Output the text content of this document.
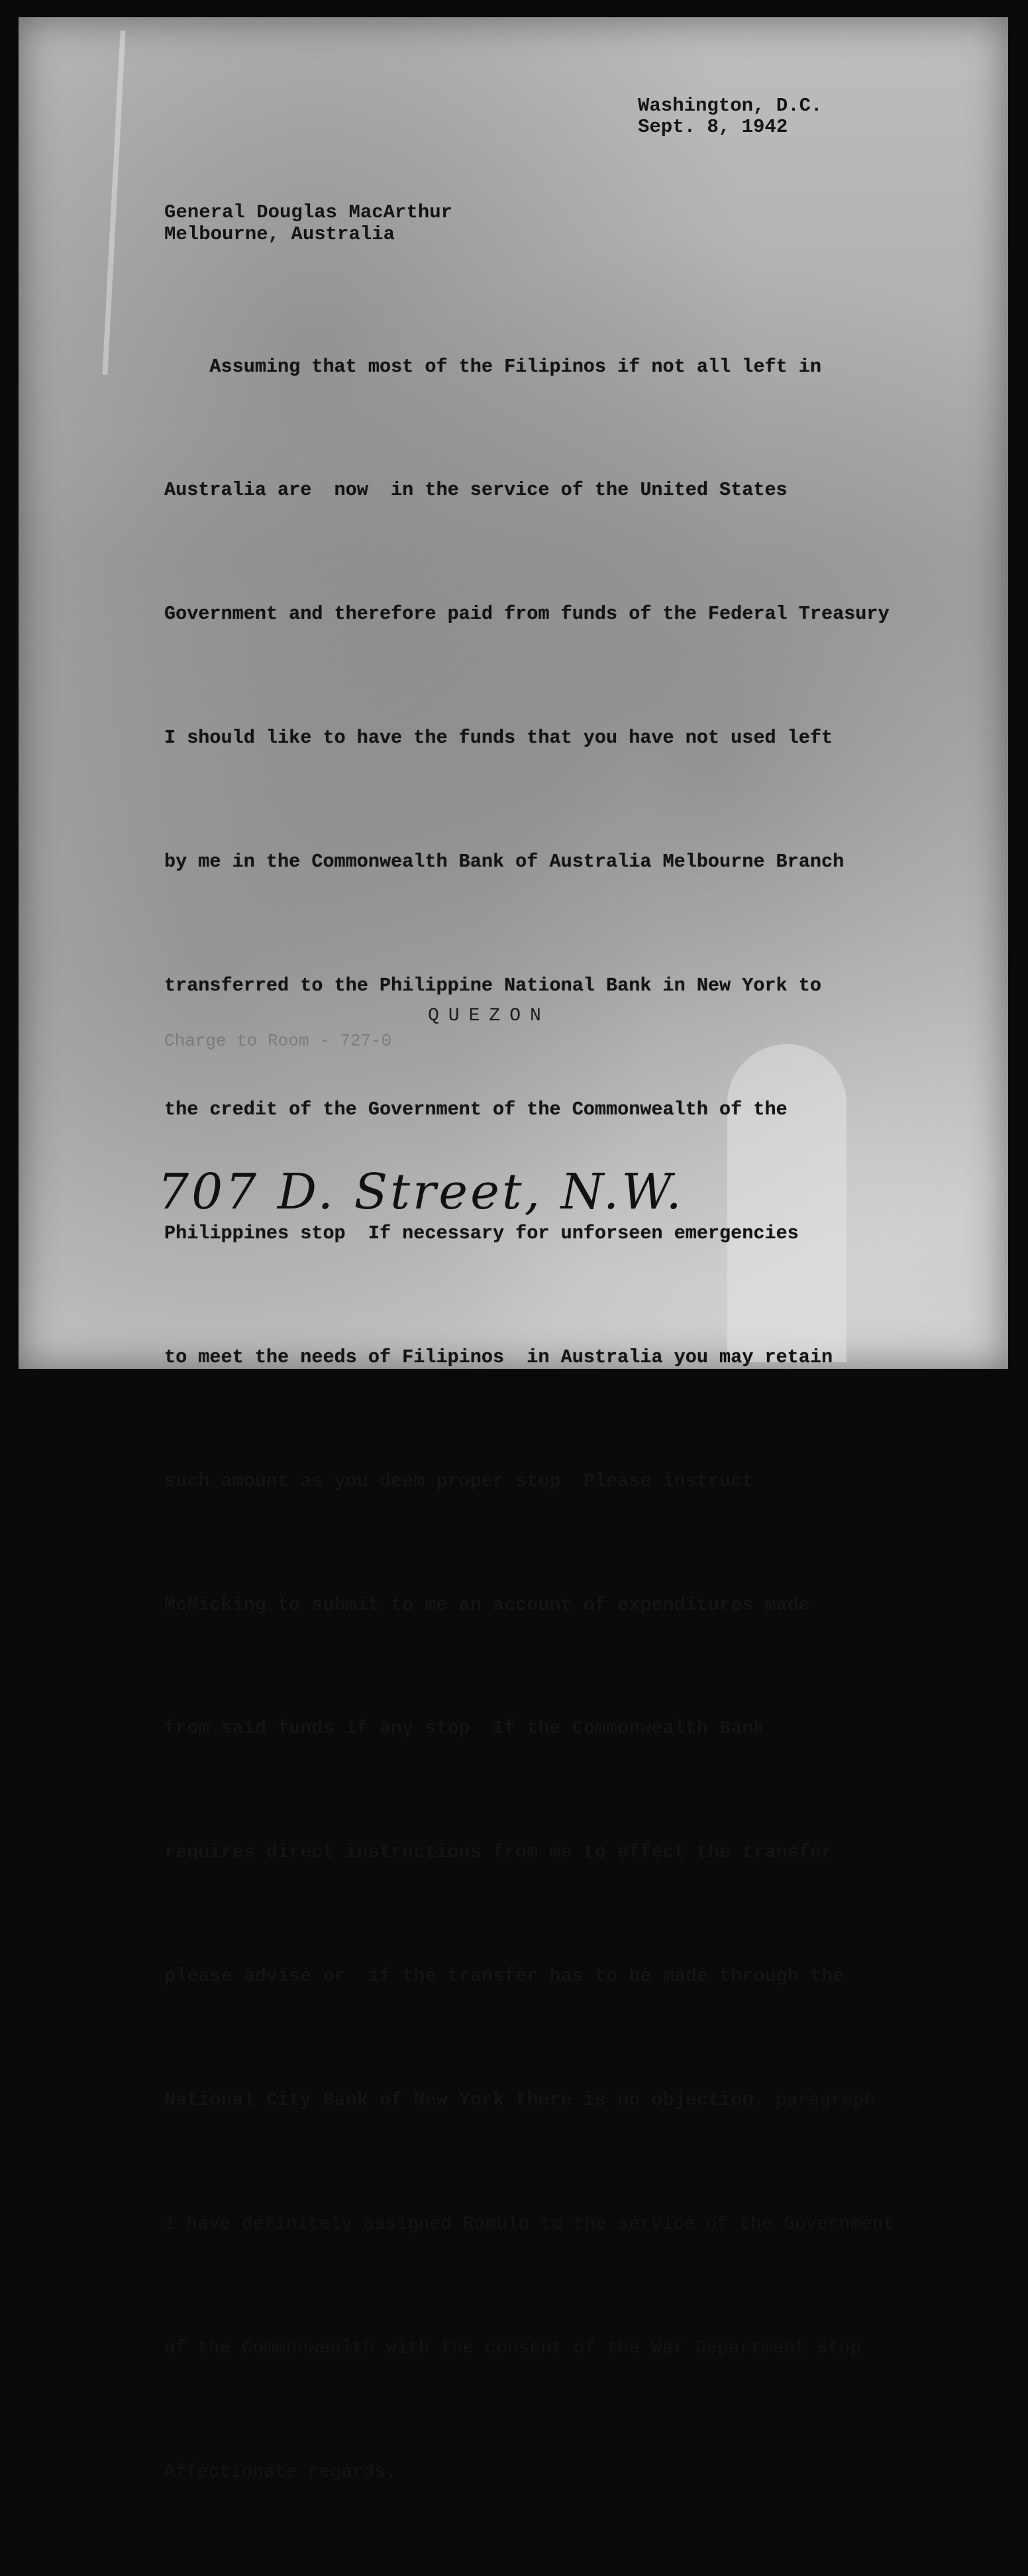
Washington, D.C.
Sept. 8, 1942
General Douglas MacArthur
Melbourne, Australia

Assuming that most of the Filipinos if not all left in

Australia are  now  in the service of the United States

Government and therefore paid from funds of the Federal Treasury

I should like to have the funds that you have not used left

by me in the Commonwealth Bank of Australia Melbourne Branch

transferred to the Philippine National Bank in New York to

the credit of the Government of the Commonwealth of the

Philippines stop  If necessary for unforseen emergencies

to meet the needs of Filipinos  in Australia you may retain

such amount as you deem proper stop  Please instruct

McMicking to submit to me an account of expenditures made

from said funds if any stop  If the Commonwealth Bank

requires direct instructions from me to effect the transfer

please advise or  if the transfer has to be made through the

National City Bank of New York there is no objection. paragraph

I have definitely assigned Romulo to the service of the Government

of the Commonwealth with the consent of the War Department stop

Affectionate regards.

QUEZON
Charge to Room - 727-0
707 D. Street, N.W.
